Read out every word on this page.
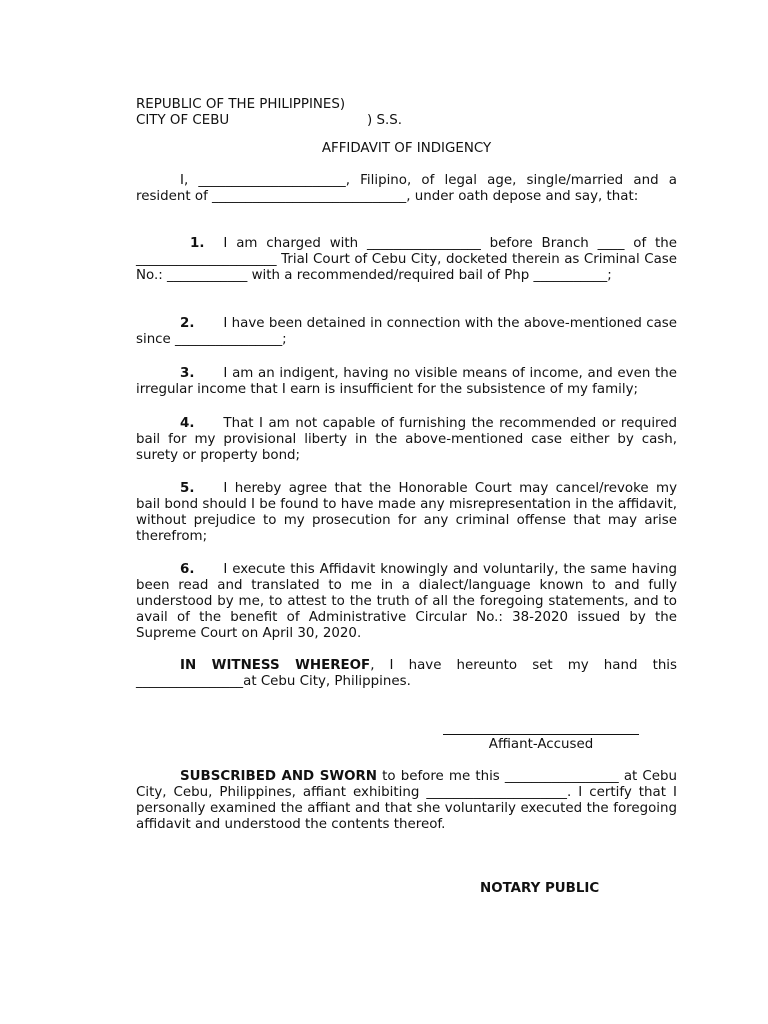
REPUBLIC OF THE PHILIPPINES)
CITY OF CEBU	) S.S.
AFFIDAVIT OF INDIGENCY
I, ______________________, Filipino, of legal age, single/married and a resident of _____________________________, under oath depose and say, that:
1. I am charged with _________________ before Branch ____ of the _____________________ Trial Court of Cebu City, docketed therein as Criminal Case No.: ____________ with a recommended/required bail of Php ___________;
2. I have been detained in connection with the above-mentioned case since ________________;
3. I am an indigent, having no visible means of income, and even the irregular income that I earn is insufficient for the subsistence of my family;
4. That I am not capable of furnishing the recommended or required bail for my provisional liberty in the above-mentioned case either by cash, surety or property bond;
5. I hereby agree that the Honorable Court may cancel/revoke my bail bond should I be found to have made any misrepresentation in the affidavit, without prejudice to my prosecution for any criminal offense that may arise therefrom;
6. I execute this Affidavit knowingly and voluntarily, the same having been read and translated to me in a dialect/language known to and fully understood by me, to attest to the truth of all the foregoing statements, and to avail of the benefit of Administrative Circular No.: 38-2020 issued by the Supreme Court on April 30, 2020.
IN WITNESS WHEREOF, I have hereunto set my hand this ________________at Cebu City, Philippines.
Affiant-Accused
SUBSCRIBED AND SWORN to before me this _________________ at Cebu City, Cebu, Philippines, affiant exhibiting _____________________. I certify that I personally examined the affiant and that she voluntarily executed the foregoing affidavit and understood the contents thereof.
NOTARY PUBLIC
